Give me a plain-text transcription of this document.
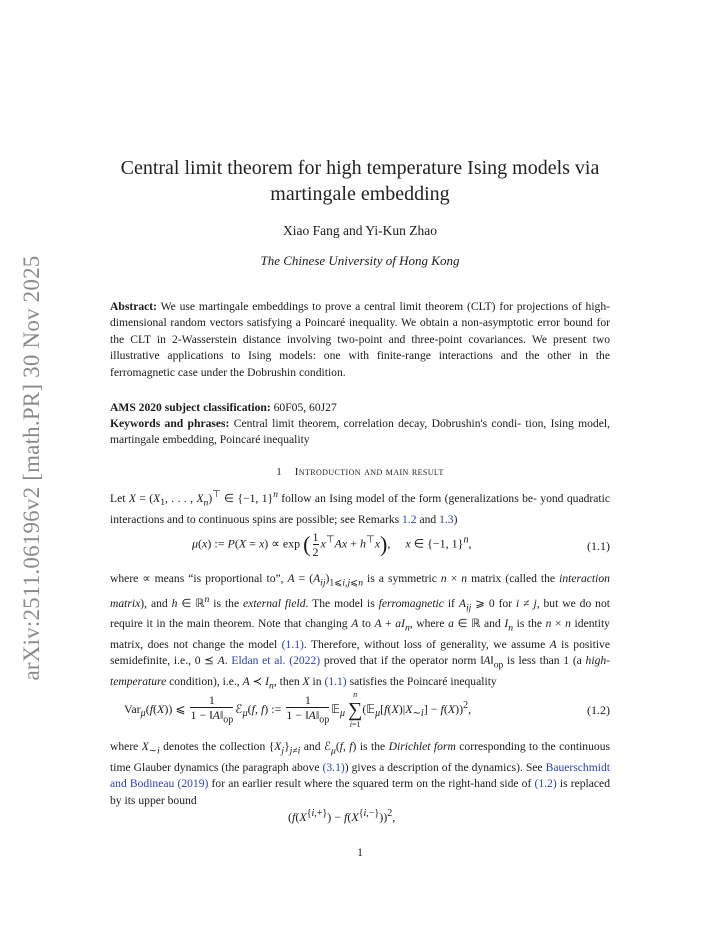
arXiv:2511.06196v2 [math.PR] 30 Nov 2025
Central limit theorem for high temperature Ising models via
martingale embedding
Xiao Fang and Yi-Kun Zhao
The Chinese University of Hong Kong
Abstract: We use martingale embeddings to prove a central limit theorem (CLT) for projections of high-dimensional random vectors satisfying a Poincaré inequality. We obtain a non-asymptotic error bound for the CLT in 2-Wasserstein distance involving two-point and three-point covariances. We present two illustrative applications to Ising models: one with finite-range interactions and the other in the ferromagnetic case under the Dobrushin condition.
AMS 2020 subject classification: 60F05, 60J27
Keywords and phrases: Central limit theorem, correlation decay, Dobrushin's condi- tion, Ising model, martingale embedding, Poincaré inequality
1 Introduction and main result
Let $X = (X_1$, . . . , $X_n)^⊤$ ∈ {−1, 1}$^n$ follow an Ising model of the form (generalizations be- yond quadratic interactions and to continuous spins are possible; see Remarks 1.2 and 1.3)
μ(x) := P(X = x) ∝ exp ( $\frac{1}{2} x^⊤Ax + h^⊤x$),     x ∈ {−1, 1}$^n$,	(1.1)
where ∝ means “is proportional to”, $A = (A_{ij})_{1⩽i,j⩽n}$ is a symmetric n × n matrix (called the interaction matrix), and h ∈ ℝ$^n$ is the external field. The model is ferromagnetic if $A_{ij}$ ⩾ 0 for i ≠ j, but we do not require it in the main theorem. Note that changing A to $A + aI_n$, where a ∈ ℝ and $I_n$ is the n × n identity matrix, does not change the model (1.1). Therefore, without loss of generality, we assume A is positive semidefinite, i.e., 0 ⪯ A. Eldan et al. (2022) proved that if the operator norm $‖A‖_{op}$ is less than 1 (a high-temperature condition), i.e., A ≺ $I_n$, then X in (1.1) satisfies the Poincaré inequality
Var$_\mu$(f(X)) ⩽ $\frac{1}{1 - ‖A‖_{op}}$ ℰ$_\mu$(f, f) := $\frac{1}{1 - ‖A‖_{op}}$ 𝔼$_\mu$
n
∑
i=1
$(𝔼_\mu[f(X)|X_{\sim i}] - f(X))^2$,	(1.2)
where $X_{\sim i}$ denotes the collection $\{X_j\}_{j\ne i}$ and ℰ$_\mu$(f, f) is the Dirichlet form corresponding to the continuous time Glauber dynamics (the paragraph above (3.1)) gives a description of the dynamics). See Bauerschmidt and Bodineau (2019) for an earlier result where the squared term on the right-hand side of (1.2) is replaced by its upper bound
$(f(X^{\{i,+\}}) - f(X^{\{i,-\}}))^2$,
1
